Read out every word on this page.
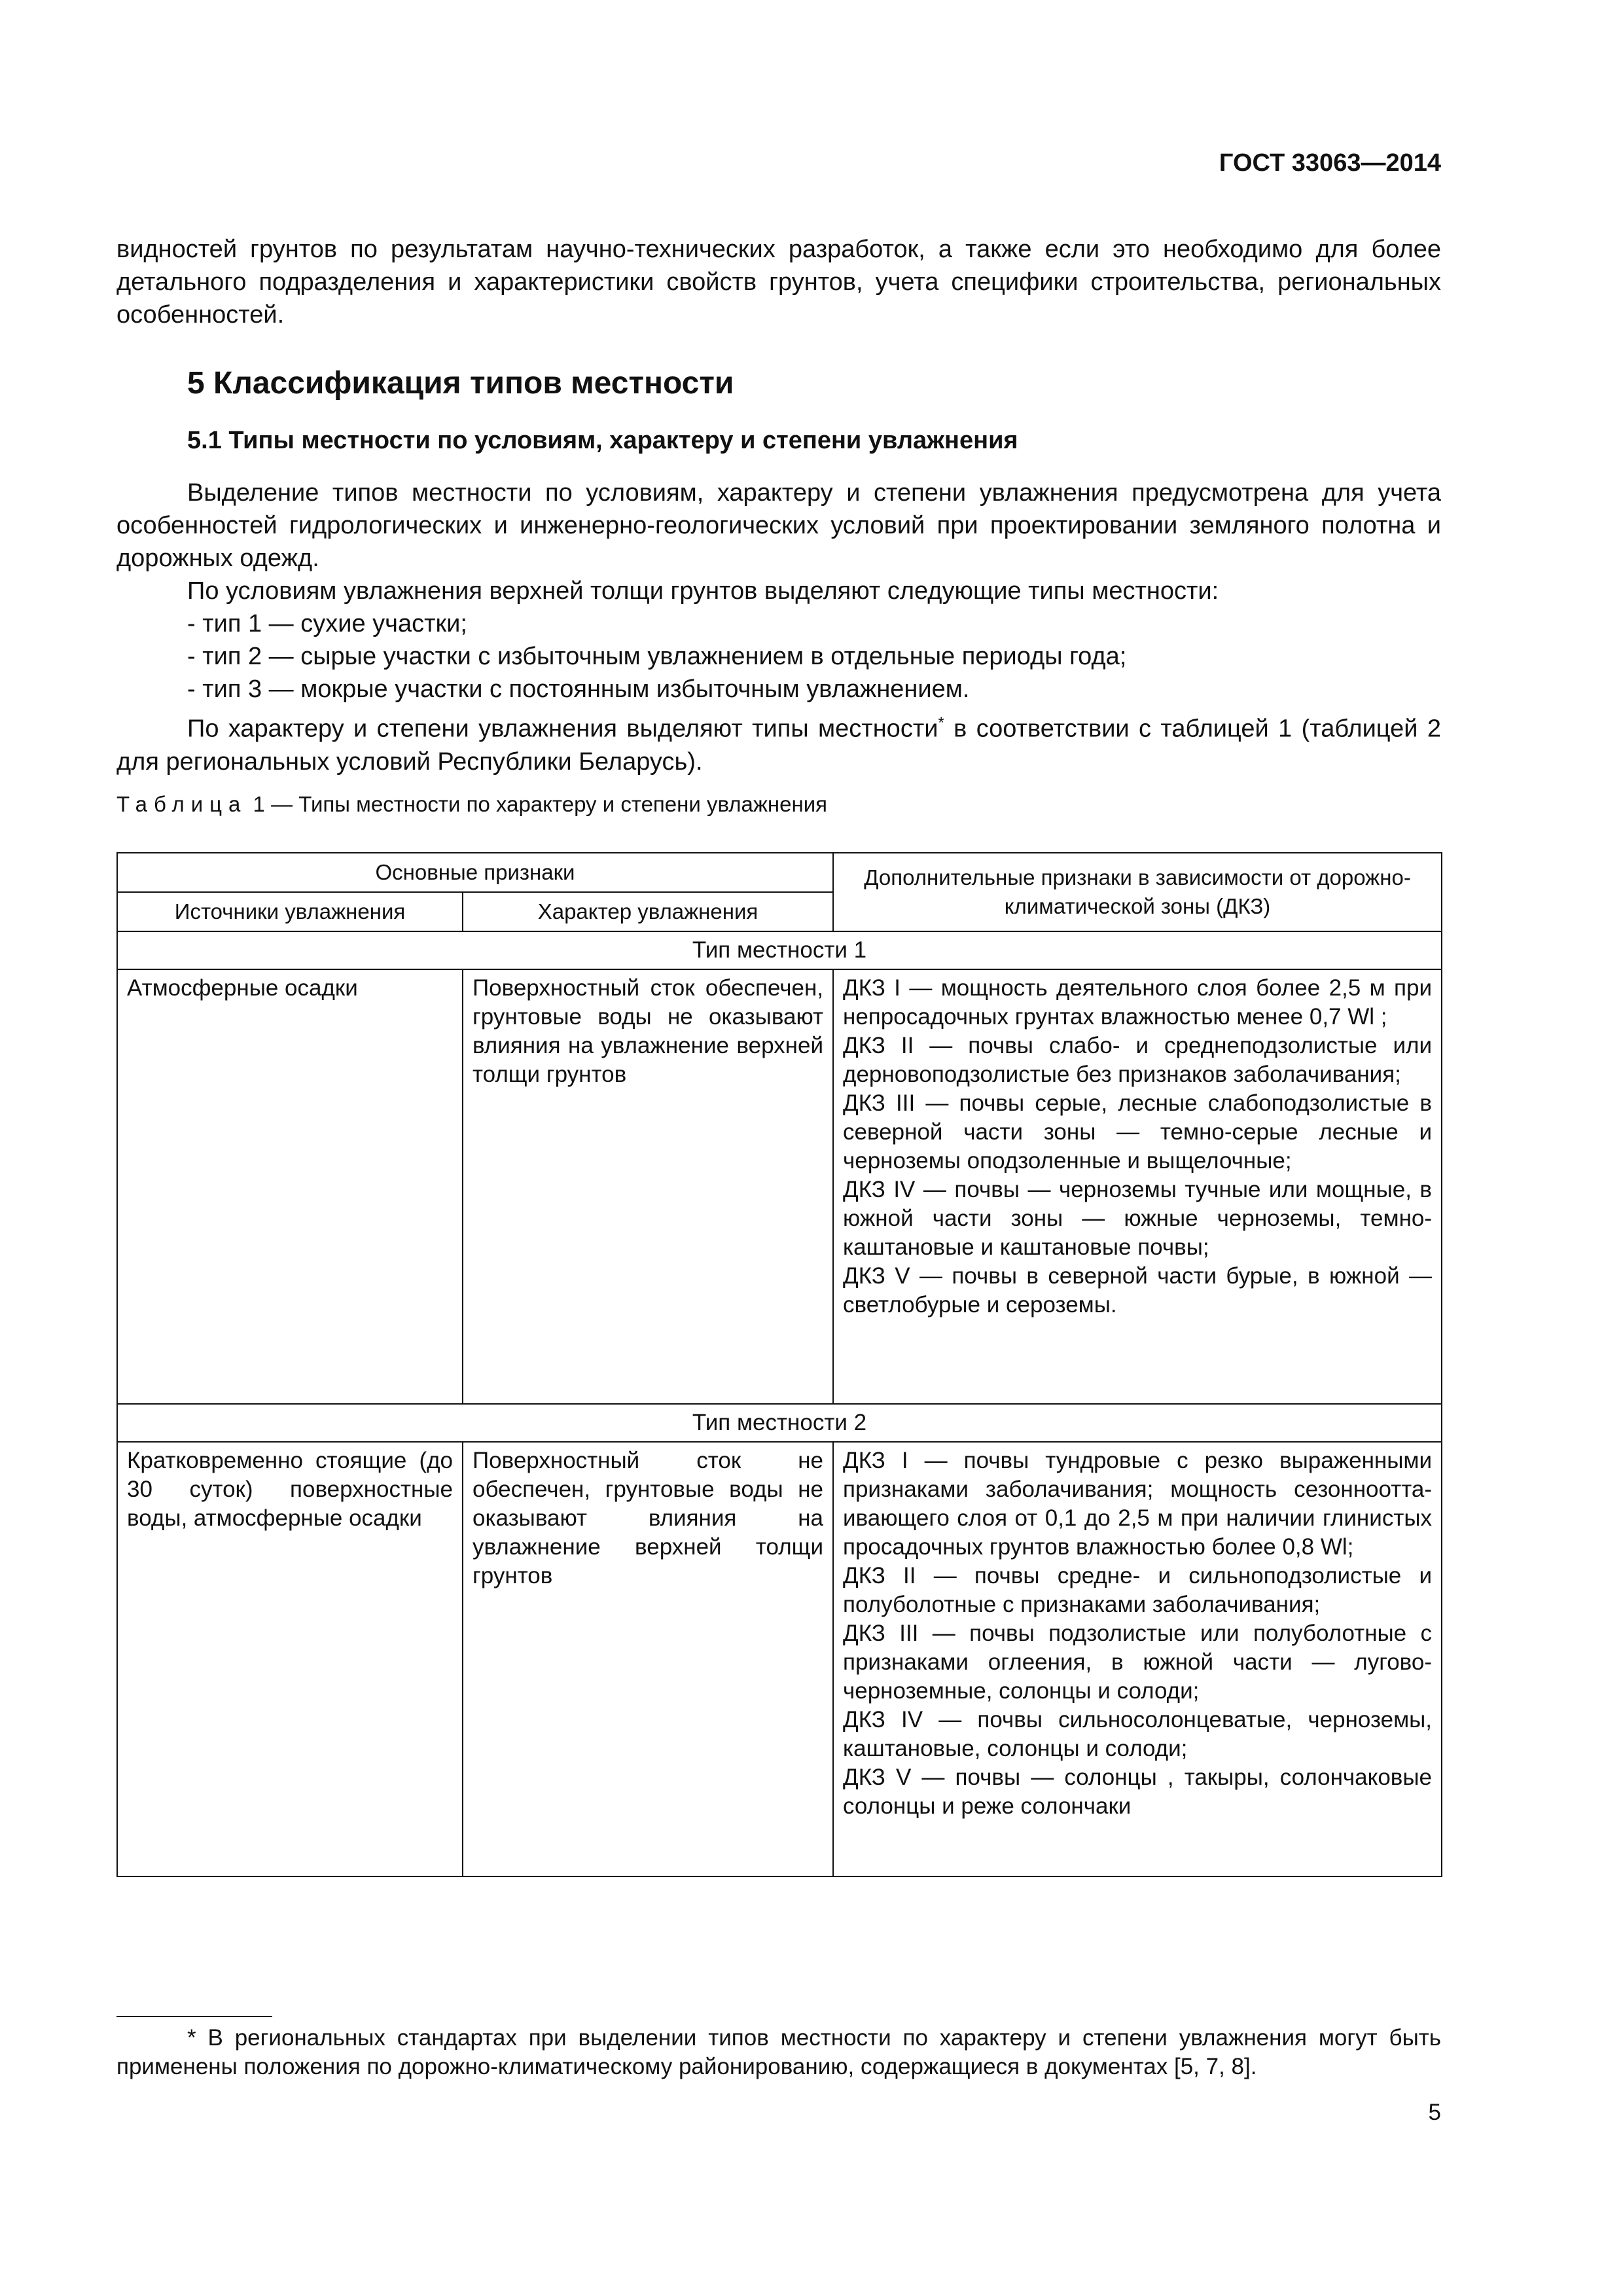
ГОСТ 33063—2014

видностей грунтов по результатам научно-технических разработок, а также если это необходимо для более детального подразделения и характеристики свойств грунтов, учета специфики строительства, региональных особенностей.

5 Классификация типов местности
5.1 Типы местности по условиям, характеру и степени увлажнения

Выделение типов местности по условиям, характеру и степени увлажнения предусмотрена для учета особенностей гидрологических и инженерно-геологических условий при проектировании земляного полотна и дорожных одежд.

По условиям увлажнения верхней толщи грунтов выделяют следующие типы местности:

- тип 1 — сухие участки;

- тип 2 — сырые участки с избыточным увлажнением в отдельные периоды года;

- тип 3 — мокрые участки с постоянным избыточным увлажнением.

По характеру и степени увлажнения выделяют типы местности* в соответствии с таблицей 1 (таблицей 2 для региональных условий Республики Беларусь).

Таблица 1 — Типы местности по характеру и степени увлажнения
Основные признаки		Дополнительные признаки в зависимости от дорожно-климатической зоны (ДКЗ)
Источники увлажнения	Характер увлажнения	
Тип местности 1		
Атмосферные осадки	Поверхностный сток обеспечен, грунтовые воды не оказывают влияния на увлажнение верхней толщи грунтов	ДКЗ I — мощность деятельного слоя более 2,5 м при непросадочных грунтах влажностью менее 0,7 Wl ;
ДКЗ II — почвы слабо- и среднеподзолистые или дерновоподзолистые без признаков заболачивания;
ДКЗ III — почвы серые, лесные слабоподзолистые в северной части зоны — темно-серые лесные и черноземы оподзоленные и выщелочные;
ДКЗ IV — почвы — черноземы тучные или мощные, в южной части зоны — южные черноземы, темно-каштановые и каштановые почвы;
ДКЗ V — почвы в северной части бурые, в южной — светлобурые и сероземы.

Тип местности 2		
Кратковременно стоящие (до 30 суток) поверхностные воды, атмосферные осадки	Поверхностный сток не обеспечен, грунтовые воды не оказывают влияния на увлажнение верхней толщи грунтов	ДКЗ I — почвы тундровые с резко выраженными признаками заболачивания; мощность сезоннооттаивающего слоя от 0,1 до 2,5 м при наличии глинистых просадочных грунтов влажностью более 0,8 Wl;
ДКЗ II — почвы средне- и сильноподзолистые и полуболотные с признаками заболачивания;
ДКЗ III — почвы подзолистые или полуболотные с признаками оглеения, в южной части — лугово-черноземные, солонцы и солоди;
ДКЗ IV — почвы сильносолонцеватые, черноземы, каштановые, солонцы и солоди;
ДКЗ V — почвы — солонцы , такыры, солончаковые солонцы и реже солончаки

* В региональных стандартах при выделении типов местности по характеру и степени увлажнения могут быть применены положения по дорожно-климатическому районированию, содержащиеся в документах [5, 7, 8].

5
